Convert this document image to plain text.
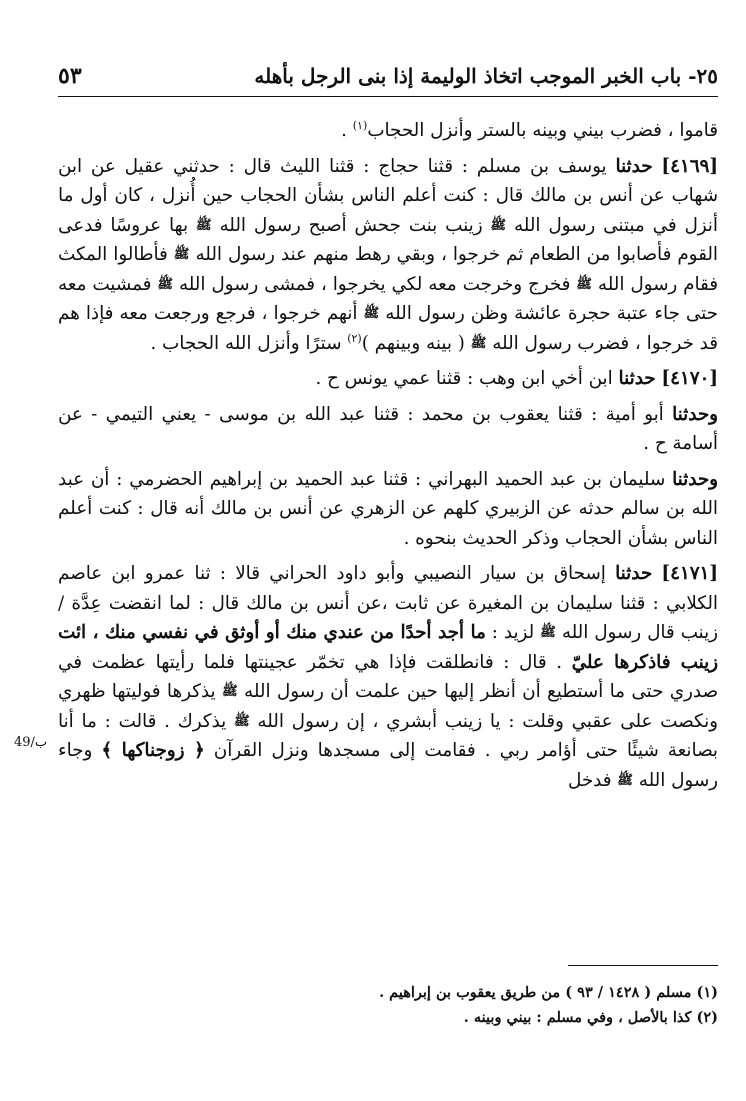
٢٥- باب الخبر الموجب اتخاذ الوليمة إذا بنى الرجل بأهله
٥٣
49/ب

قاموا ، فضرب بيني وبينه بالستر وأنزل الحجاب$^{(١)}$ .

[٤١٦٩] حدثنا يوسف بن مسلم : قثنا حجاج : قثنا الليث قال : حدثني عقيل عن ابن شهاب عن أنس بن مالك قال : كنت أعلم الناس بشأن الحجاب حين أُنزل ، كان أول ما أنزل في مبتنى رسول الله ﷺ زينب بنت جحش أصبح رسول الله ﷺ بها عروسًا فدعى القوم فأصابوا من الطعام ثم خرجوا ، وبقي رهط منهم عند رسول الله ﷺ فأطالوا المكث فقام رسول الله ﷺ فخرج وخرجت معه لكي يخرجوا ، فمشى رسول الله ﷺ فمشيت معه حتى جاء عتبة حجرة عائشة وظن رسول الله ﷺ أنهم خرجوا ، فرجع ورجعت معه فإذا هم قد خرجوا ، فضرب رسول الله ﷺ ( بينه وبينهم )$^{(٢)}$ سترًا وأنزل الله الحجاب .

[٤١٧٠] حدثنا ابن أخي ابن وهب : قثنا عمي يونس ح .

وحدثنا أبو أمية : قثنا يعقوب بن محمد : قثنا عبد الله بن موسى - يعني التيمي - عن أسامة ح .

وحدثنا سليمان بن عبد الحميد البهراني : قثنا عبد الحميد بن إبراهيم الحضرمي : أن عبد الله بن سالم حدثه عن الزبيري كلهم عن الزهري عن أنس بن مالك أنه قال : كنت أعلم الناس بشأن الحجاب وذكر الحديث بنحوه .

[٤١٧١] حدثنا إسحاق بن سيار النصيبي وأبو داود الحراني قالا : ثنا عمرو ابن عاصم الكلابي : قثنا سليمان بن المغيرة عن ثابت ،عن أنس بن مالك قال : لما انقضت عِدَّة / زينب قال رسول الله ﷺ لزيد : ما أجد أحدًا من عندي منك أو أوثق في نفسي منك ، ائت زينب فاذكرها عليّ . قال : فانطلقت فإذا هي تخمّر عجينتها فلما رأيتها عظمت في صدري حتى ما أستطيع أن أنظر إليها حين علمت أن رسول الله ﷺ يذكرها فوليتها ظهري ونكصت على عقبي وقلت : يا زينب أبشري ، إن رسول الله ﷺ يذكرك . قالت : ما أنا بصانعة شيئًا حتى أؤامر ربي . فقامت إلى مسجدها ونزل القرآن ﴿ زوجناكها ﴾ وجاء رسول الله ﷺ فدخل

(١) مسلم ( ١٤٢٨ / ٩٣ ) من طريق يعقوب بن إبراهيم .

(٢) كذا بالأصل ، وفي مسلم : بيني وبينه .
